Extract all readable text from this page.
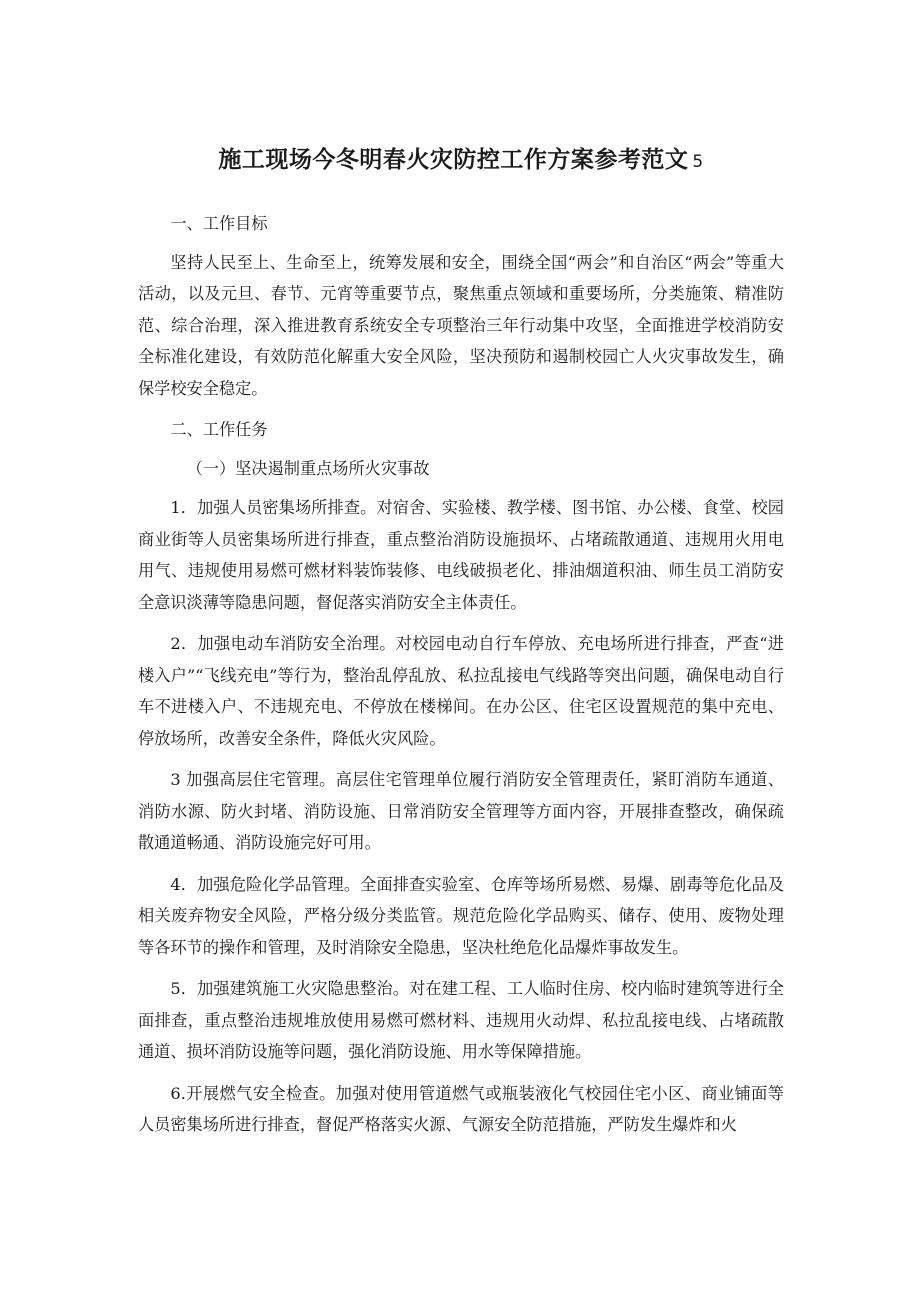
施工现场今冬明春火灾防控工作方案参考范文 5

一、工作目标

坚持人民至上、生命至上，统筹发展和安全，围绕全国“两会”和自治区“两会”等重大活动，以及元旦、春节、元宵等重要节点，聚焦重点领域和重要场所，分类施策、精准防范、综合治理，深入推进教育系统安全专项整治三年行动集中攻坚，全面推进学校消防安全标准化建设，有效防范化解重大安全风险，坚决预防和遏制校园亡人火灾事故发生，确保学校安全稳定。

二、工作任务

（一）坚决遏制重点场所火灾事故

1．加强人员密集场所排查。对宿舍、实验楼、教学楼、图书馆、办公楼、食堂、校园商业街等人员密集场所进行排查，重点整治消防设施损坏、占堵疏散通道、违规用火用电用气、违规使用易燃可燃材料装饰装修、电线破损老化、排油烟道积油、师生员工消防安全意识淡薄等隐患问题，督促落实消防安全主体责任。

2．加强电动车消防安全治理。对校园电动自行车停放、充电场所进行排查，严查“进楼入户”“飞线充电”等行为，整治乱停乱放、私拉乱接电气线路等突出问题，确保电动自行车不进楼入户、不违规充电、不停放在楼梯间。在办公区、住宅区设置规范的集中充电、停放场所，改善安全条件，降低火灾风险。

3 加强高层住宅管理。高层住宅管理单位履行消防安全管理责任，紧盯消防车通道、消防水源、防火封堵、消防设施、日常消防安全管理等方面内容，开展排查整改，确保疏散通道畅通、消防设施完好可用。

4．加强危险化学品管理。全面排查实验室、仓库等场所易燃、易爆、剧毒等危化品及相关废弃物安全风险，严格分级分类监管。规范危险化学品购买、储存、使用、废物处理等各环节的操作和管理，及时消除安全隐患，坚决杜绝危化品爆炸事故发生。

5．加强建筑施工火灾隐患整治。对在建工程、工人临时住房、校内临时建筑等进行全面排查，重点整治违规堆放使用易燃可燃材料、违规用火动焊、私拉乱接电线、占堵疏散通道、损坏消防设施等问题，强化消防设施、用水等保障措施。

6.开展燃气安全检查。加强对使用管道燃气或瓶装液化气校园住宅小区、商业铺面等人员密集场所进行排查，督促严格落实火源、气源安全防范措施，严防发生爆炸和火
